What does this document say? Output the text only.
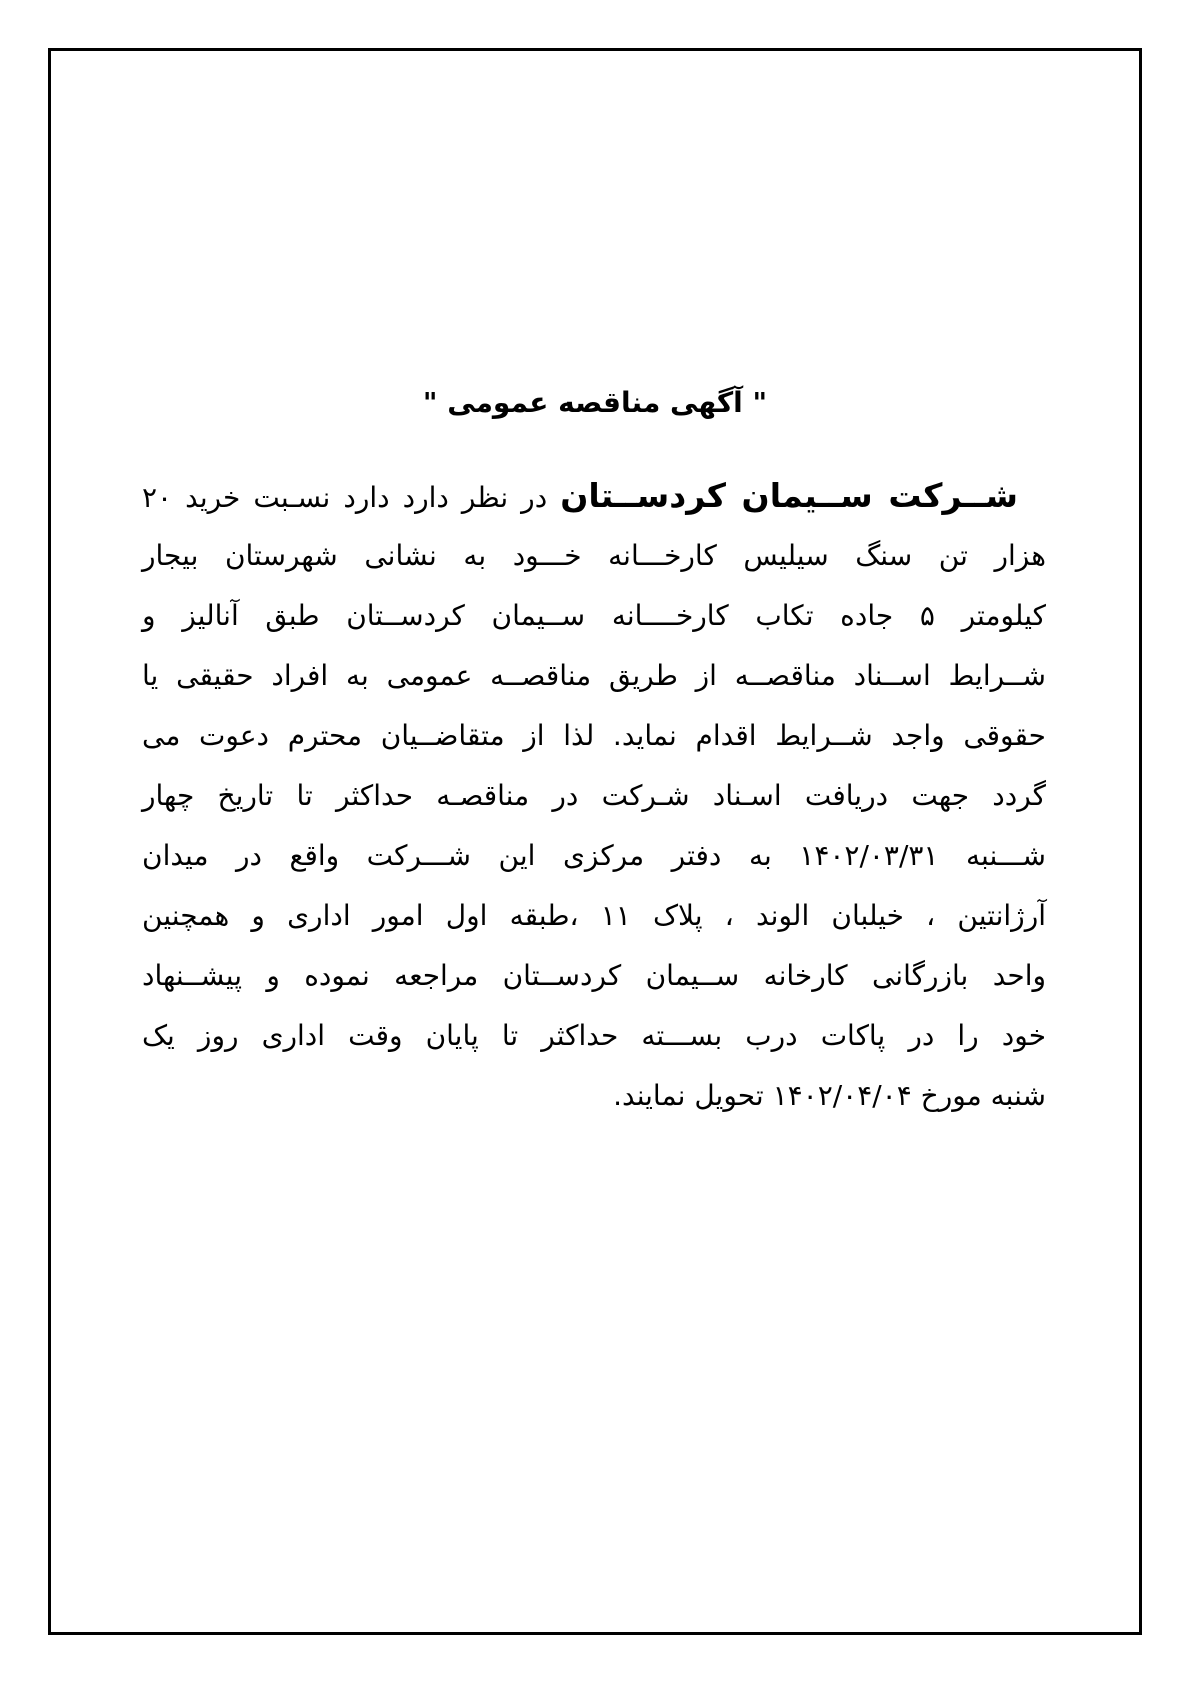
" آگهی مناقصه عمومی "
 شــرکت ســیمان کردســتان در نظر دارد دارد نسـبت خرید ۲۰
هزار تن سنگ سیلیس کارخـــانه خـــود به نشانی شهرستان بیجار
کیلومتر ۵ جاده تکاب کارخــــانه ســیمان کردســتان طبق آنالیز و
شــرایط اســناد مناقصــه از طریق مناقصــه عمومی به افراد حقیقی یا
حقوقی واجد شــرایط اقدام نماید. لذا از متقاضــیان محترم دعوت می
گردد جهت دریافت اسـناد شـرکت در مناقصـه حداکثر تا تاریخ چهار
شـــنبه ۱۴۰۲/۰۳/۳۱ به دفتر مرکزی این شـــرکت واقع در میدان
آرژانتین ، خیلبان الوند ، پلاک ۱۱ ،طبقه اول امور اداری و همچنین
واحد بازرگانی کارخانه ســیمان کردســتان مراجعه نموده و پیشــنهاد
خود را در پاکات درب بســـته حداکثر تا پایان وقت اداری روز یک
شنبه مورخ ۱۴۰۲/۰۴/۰۴ تحویل نمایند.
